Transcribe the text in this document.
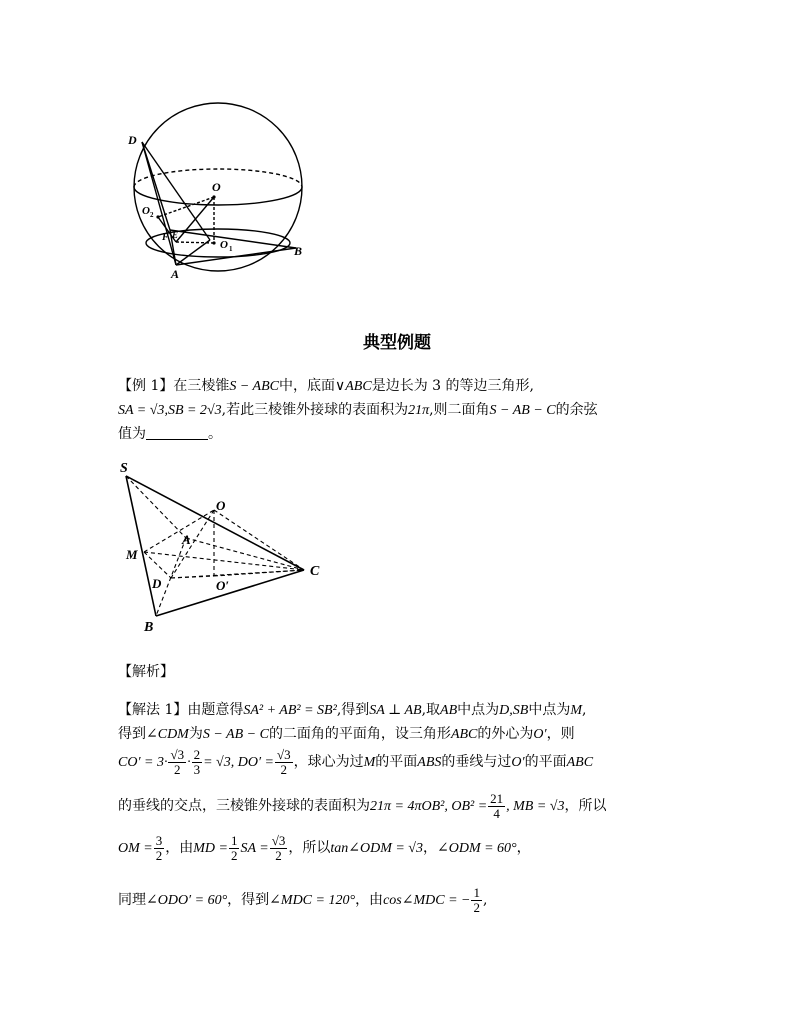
D
O
O 2
F E
O 1
A
B
典型例题
【例 1】在三棱锥S − ABC中，底面∨ABC是边长为 3 的等边三角形,
SA = √3,SB = 2√3,若此三棱锥外接球的表面积为21π,则二面角S − AB − C的余弦
值为	。
S
O
A
M
D	O′
C
B
【解析】
【解法 1】由题意得SA² + AB² = SB²,得到SA ⊥ AB,取AB中点为D,SB中点为M,
得到∠CDM为S − AB − C的二面角的平面角，设三角形ABC的外心为O′，则
$CO' = 3\cdot \frac{√3}{2} \cdot \frac{2}{3} = √3$, $DO' = \frac{√3}{2}$ ，球心为过M的平面ABS的垂线与过O′的平面ABC
的垂线的交点，三棱锥外接球的表面积为21π = 4πOB², $OB^2 = \frac{21}{4}$ , MB = √3，所以
OM = $\frac{3}{2}$ ，由MD = $\frac{1}{2}$ SA = $\frac{√3}{2}$ ，所以tan∠ODM = √3，∠ODM = 60°，
同理∠ODO′ = 60°，得到∠MDC = 120°，由cos∠MDC = − $\frac{1}{2}$ ,
